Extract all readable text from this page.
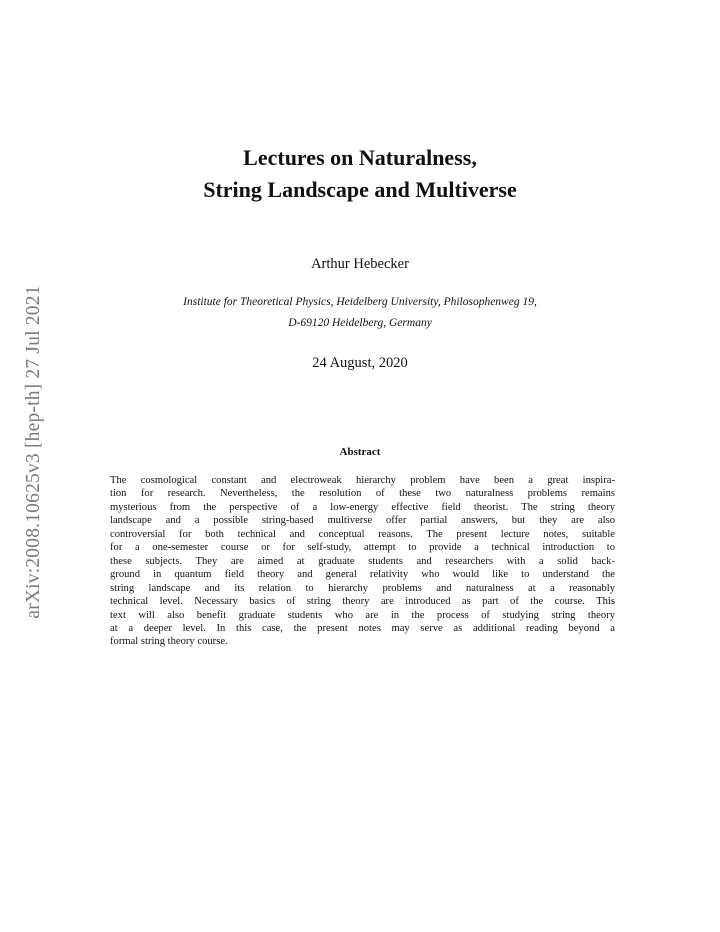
arXiv:2008.10625v3 [hep-th] 27 Jul 2021
Lectures on Naturalness,
String Landscape and Multiverse
Arthur Hebecker
Institute for Theoretical Physics, Heidelberg University, Philosophenweg 19,
D-69120 Heidelberg, Germany
24 August, 2020
Abstract
The cosmological constant and electroweak hierarchy problem have been a great inspira-
tion for research. Nevertheless, the resolution of these two naturalness problems remains
mysterious from the perspective of a low-energy effective field theorist. The string theory
landscape and a possible string-based multiverse offer partial answers, but they are also
controversial for both technical and conceptual reasons. The present lecture notes, suitable
for a one-semester course or for self-study, attempt to provide a technical introduction to
these subjects. They are aimed at graduate students and researchers with a solid back-
ground in quantum field theory and general relativity who would like to understand the
string landscape and its relation to hierarchy problems and naturalness at a reasonably
technical level. Necessary basics of string theory are introduced as part of the course. This
text will also benefit graduate students who are in the process of studying string theory
at a deeper level. In this case, the present notes may serve as additional reading beyond a
formal string theory course.
